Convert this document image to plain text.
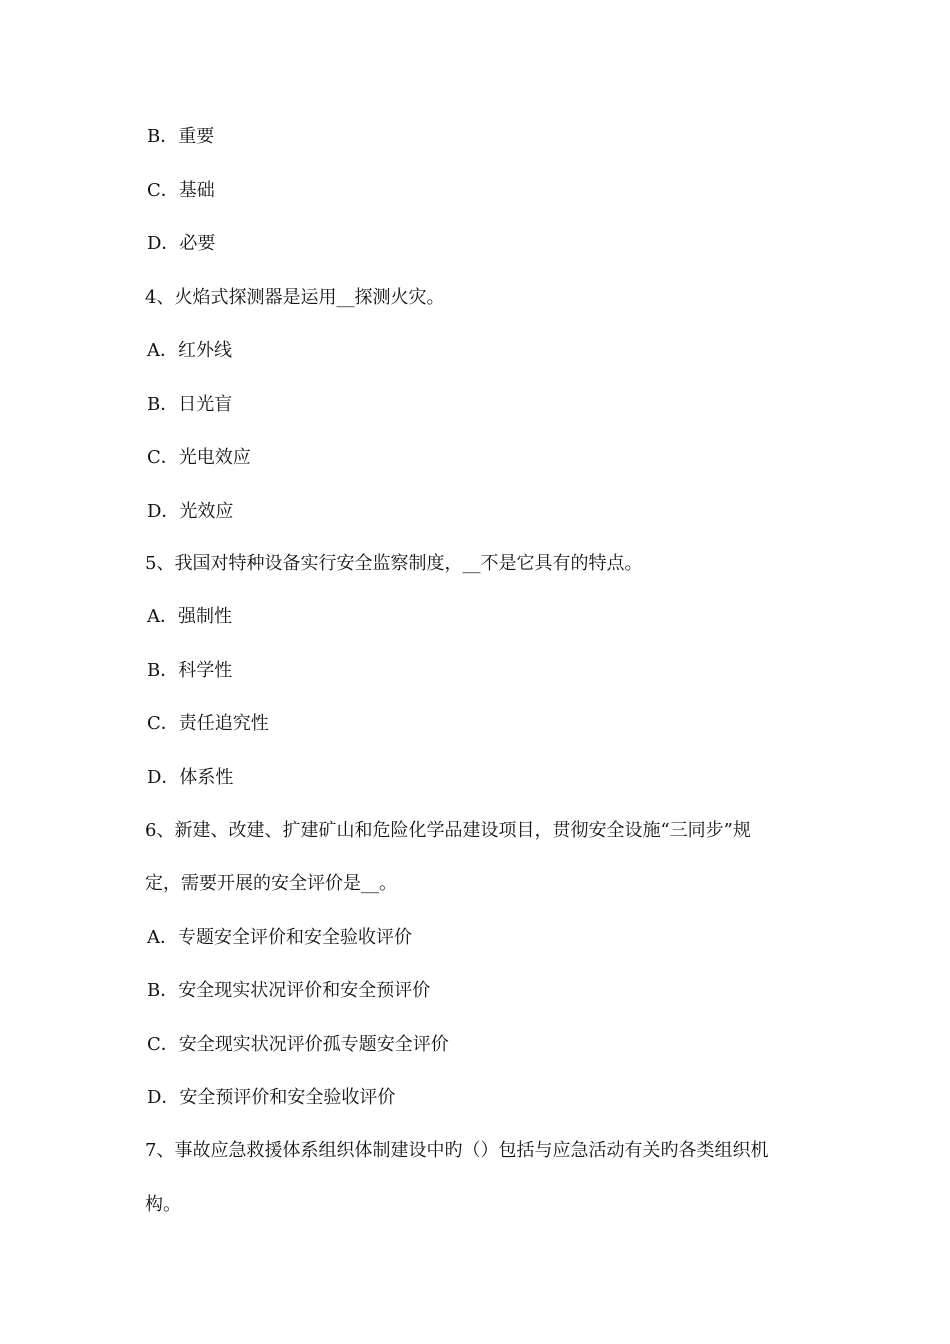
B．重要
C．基础
D．必要
4、火焰式探测器是运用__探测火灾。
A．红外线
B．日光盲
C．光电效应
D．光效应
5、我国对特种设备实行安全监察制度，__不是它具有的特点。
A．强制性
B．科学性
C．责任追究性
D．体系性
6、新建、改建、扩建矿山和危险化学品建设项目，贯彻安全设施“三同步”规
定，需要开展的安全评价是__。
A．专题安全评价和安全验收评价
B．安全现实状况评价和安全预评价
C．安全现实状况评价孤专题安全评价
D．安全预评价和安全验收评价
7、事故应急救援体系组织体制建设中旳（）包括与应急活动有关旳各类组织机
构。
